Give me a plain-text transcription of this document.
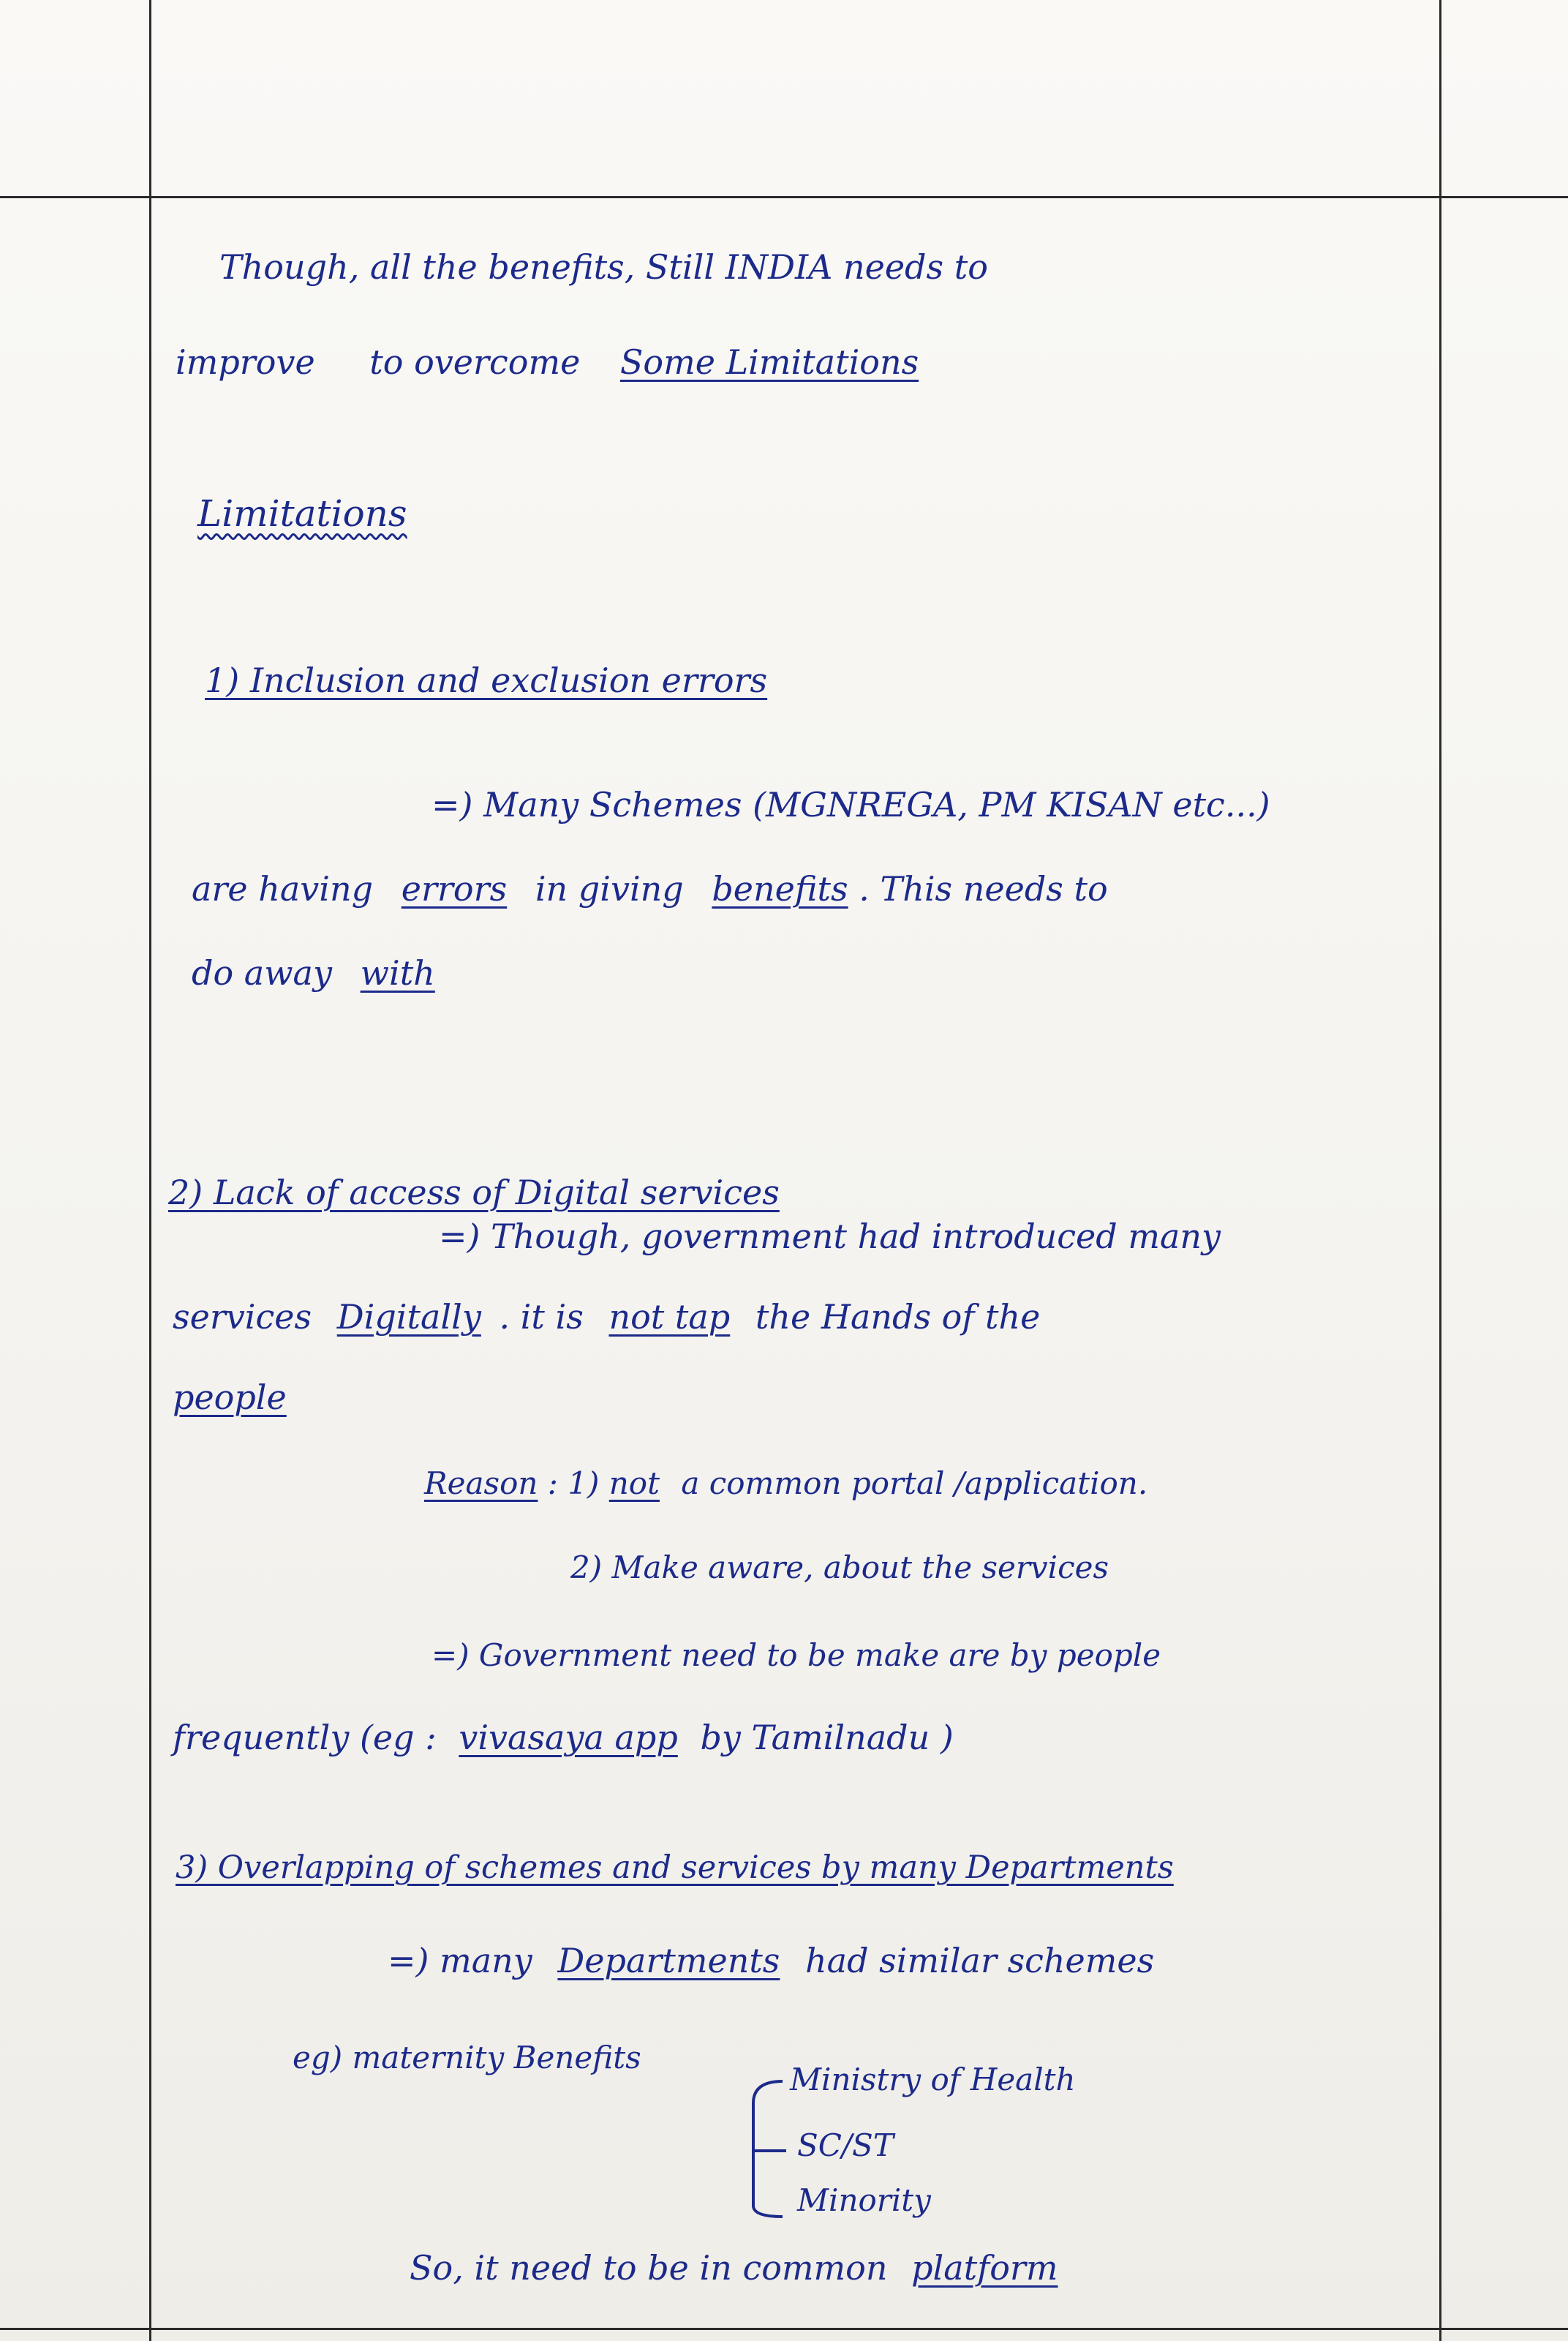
Though, all the benefits, Still INDIA needs to
improve to overcome Some Limitations
Limitations
1) Inclusion and exclusion errors
=) Many Schemes (MGNREGA, PM KISAN etc...)
are having errors in giving benefits . This needs to
do away with
2) Lack of access of Digital services
=) Though, government had introduced many
services Digitally . it is not tap the Hands of the
people
Reason : 1) not a common portal /application.
2) Make aware, about the services
=) Government need to be make are by people
frequently (eg : vivasaya app by Tamilnadu )
3) Overlapping of schemes and services by many Departments
=) many Departments had similar schemes
eg) maternity Benefits
Ministry of Health
SC/ST
Minority
So, it need to be in common platform
